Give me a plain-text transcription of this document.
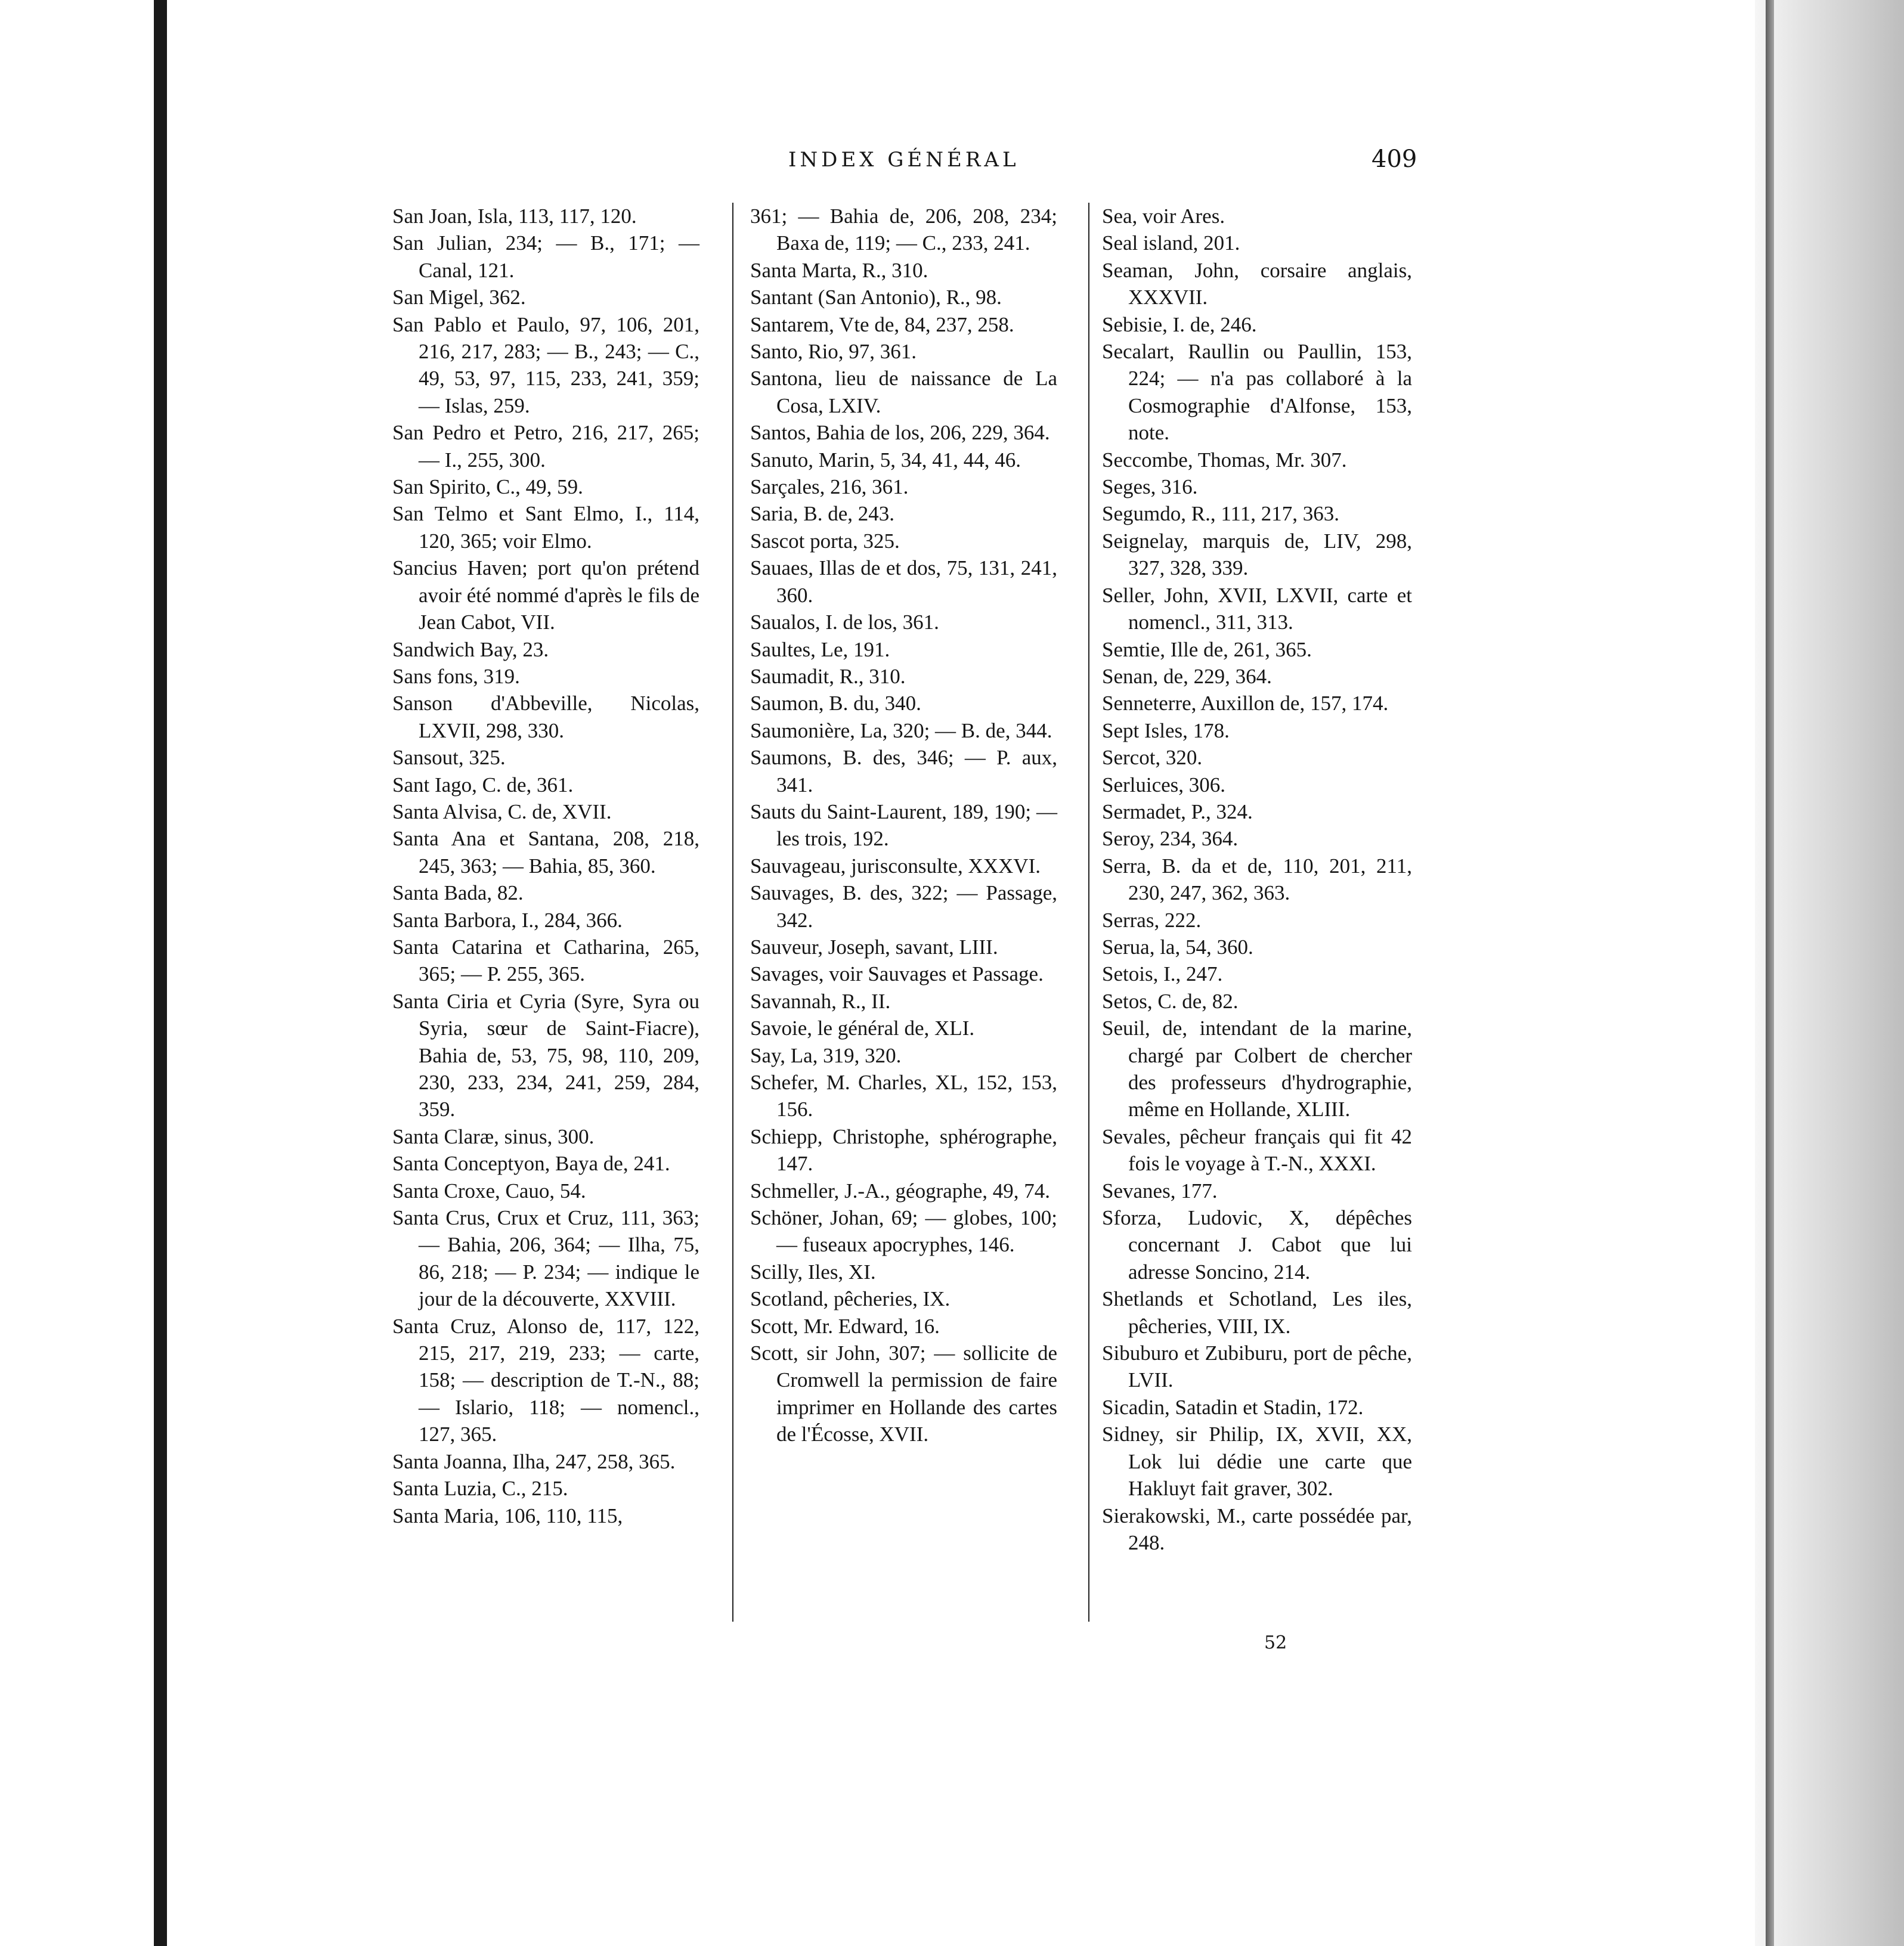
INDEX GÉNÉRAL	409

San Joan, Isla, 113, 117, 120.

San Julian, 234; — B., 171; — Canal, 121.

San Migel, 362.

San Pablo et Paulo, 97, 106, 201, 216, 217, 283; — B., 243; — C., 49, 53, 97, 115, 233, 241, 359; — Islas, 259.

San Pedro et Petro, 216, 217, 265; — I., 255, 300.

San Spirito, C., 49, 59.

San Telmo et Sant Elmo, I., 114, 120, 365; voir Elmo.

Sancius Haven; port qu'on prétend avoir été nommé d'après le fils de Jean Cabot, VII.

Sandwich Bay, 23.

Sans fons, 319.

Sanson d'Abbeville, Nicolas, LXVII, 298, 330.

Sansout, 325.

Sant Iago, C. de, 361.

Santa Alvisa, C. de, XVII.

Santa Ana et Santana, 208, 218, 245, 363; — Bahia, 85, 360.

Santa Bada, 82.

Santa Barbora, I., 284, 366.

Santa Catarina et Catharina, 265, 365; — P. 255, 365.

Santa Ciria et Cyria (Syre, Syra ou Syria, sœur de Saint-Fiacre), Bahia de, 53, 75, 98, 110, 209, 230, 233, 234, 241, 259, 284, 359.

Santa Claræ, sinus, 300.

Santa Conceptyon, Baya de, 241.

Santa Croxe, Cauo, 54.

Santa Crus, Crux et Cruz, 111, 363; — Bahia, 206, 364; — Ilha, 75, 86, 218; — P. 234; — indique le jour de la découverte, XXVIII.

Santa Cruz, Alonso de, 117, 122, 215, 217, 219, 233; — carte, 158; — description de T.-N., 88; — Islario, 118; — nomencl., 127, 365.

Santa Joanna, Ilha, 247, 258, 365.

Santa Luzia, C., 215.

Santa Maria, 106, 110, 115,

361; — Bahia de, 206, 208, 234; Baxa de, 119; — C., 233, 241.

Santa Marta, R., 310.

Santant (San Antonio), R., 98.

Santarem, Vte de, 84, 237, 258.

Santo, Rio, 97, 361.

Santona, lieu de naissance de La Cosa, LXIV.

Santos, Bahia de los, 206, 229, 364.

Sanuto, Marin, 5, 34, 41, 44, 46.

Sarçales, 216, 361.

Saria, B. de, 243.

Sascot porta, 325.

Sauaes, Illas de et dos, 75, 131, 241, 360.

Saualos, I. de los, 361.

Saultes, Le, 191.

Saumadit, R., 310.

Saumon, B. du, 340.

Saumonière, La, 320; — B. de, 344.

Saumons, B. des, 346; — P. aux, 341.

Sauts du Saint-Laurent, 189, 190; — les trois, 192.

Sauvageau, jurisconsulte, XXXVI.

Sauvages, B. des, 322; — Passage, 342.

Sauveur, Joseph, savant, LIII.

Savages, voir Sauvages et Passage.

Savannah, R., II.

Savoie, le général de, XLI.

Say, La, 319, 320.

Schefer, M. Charles, XL, 152, 153, 156.

Schiepp, Christophe, sphérographe, 147.

Schmeller, J.-A., géographe, 49, 74.

Schöner, Johan, 69; — globes, 100; — fuseaux apocryphes, 146.

Scilly, Iles, XI.

Scotland, pêcheries, IX.

Scott, Mr. Edward, 16.

Scott, sir John, 307; — sollicite de Cromwell la permission de faire imprimer en Hollande des cartes de l'Écosse, XVII.

Sea, voir Ares.

Seal island, 201.

Seaman, John, corsaire anglais, XXXVII.

Sebisie, I. de, 246.

Secalart, Raullin ou Paullin, 153, 224; — n'a pas collaboré à la Cosmographie d'Alfonse, 153, note.

Seccombe, Thomas, Mr. 307.

Seges, 316.

Segumdo, R., 111, 217, 363.

Seignelay, marquis de, LIV, 298, 327, 328, 339.

Seller, John, XVII, LXVII, carte et nomencl., 311, 313.

Semtie, Ille de, 261, 365.

Senan, de, 229, 364.

Senneterre, Auxillon de, 157, 174.

Sept Isles, 178.

Sercot, 320.

Serluices, 306.

Sermadet, P., 324.

Seroy, 234, 364.

Serra, B. da et de, 110, 201, 211, 230, 247, 362, 363.

Serras, 222.

Serua, la, 54, 360.

Setois, I., 247.

Setos, C. de, 82.

Seuil, de, intendant de la marine, chargé par Colbert de chercher des professeurs d'hydrographie, même en Hollande, XLIII.

Sevales, pêcheur français qui fit 42 fois le voyage à T.-N., XXXI.

Sevanes, 177.

Sforza, Ludovic, X, dépêches concernant J. Cabot que lui adresse Soncino, 214.

Shetlands et Schotland, Les iles, pêcheries, VIII, IX.

Sibuburo et Zubiburu, port de pêche, LVII.

Sicadin, Satadin et Stadin, 172.

Sidney, sir Philip, IX, XVII, XX, Lok lui dédie une carte que Hakluyt fait graver, 302.

Sierakowski, M., carte possédée par, 248.

52
